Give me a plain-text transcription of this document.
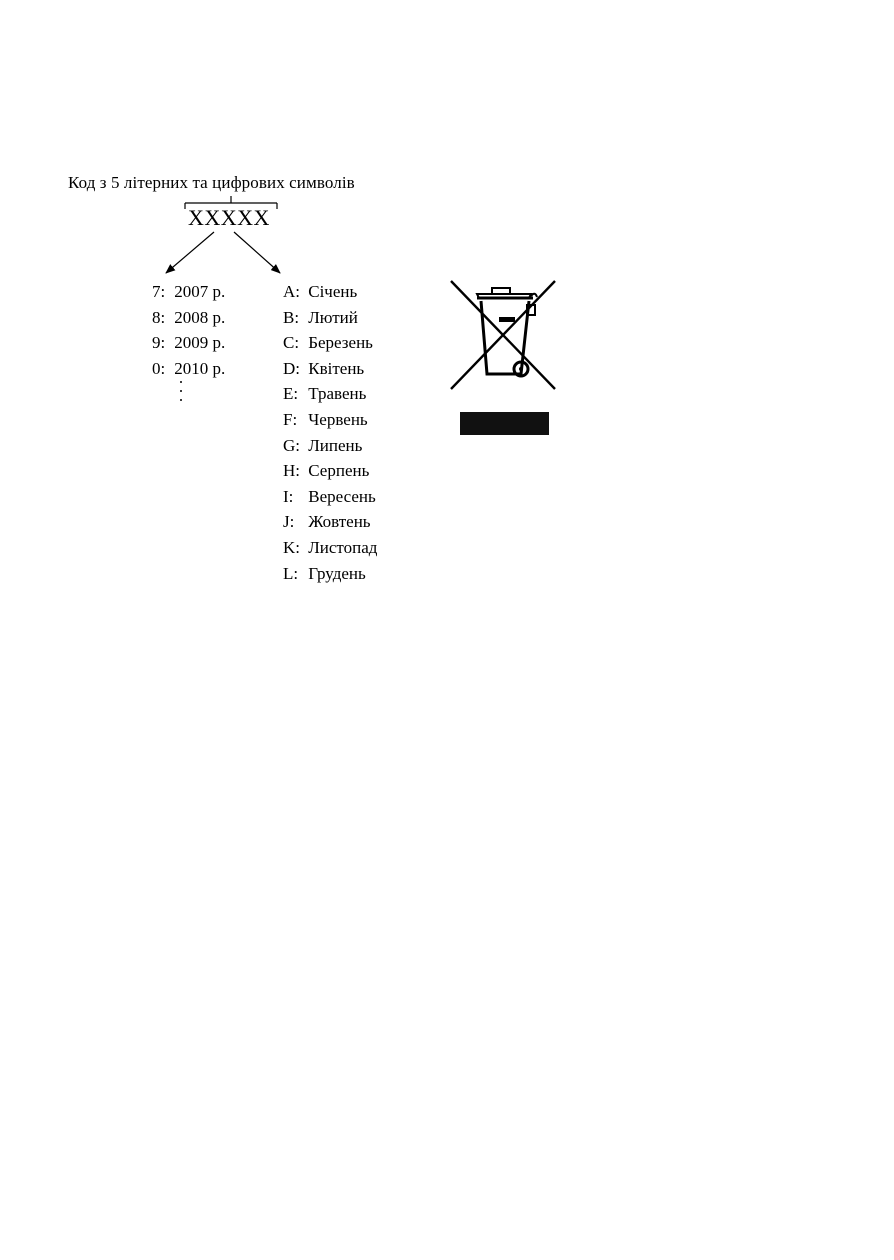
Код з 5 літерних та цифрових символів
XXXXX
7: 2007 р.
8: 2008 р.
9: 2009 р.
0: 2010 р.
A: Січень
B: Лютий
C: Березень
D: Квітень
E: Травень
F: Червень
G: Липень
H: Серпень
I: Вересень
J: Жовтень
K: Листопад
L: Грудень
